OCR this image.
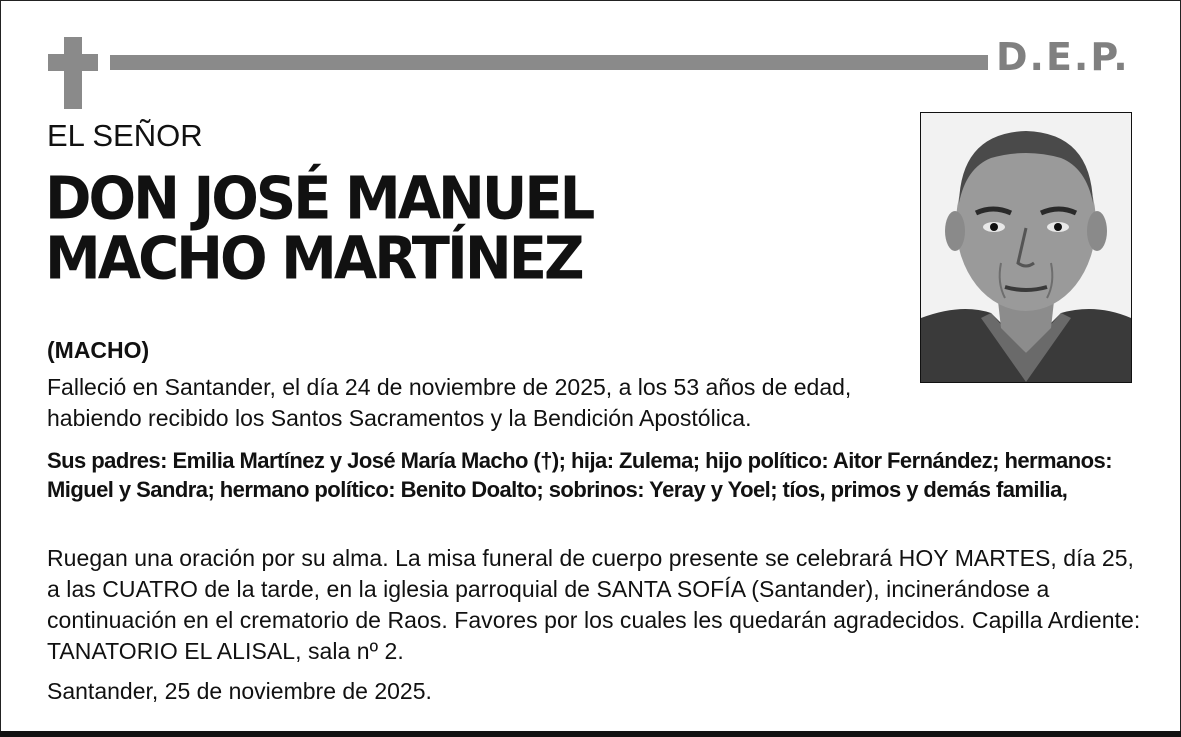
D.E.P.
EL SEÑOR
DON JOSÉ MANUEL
MACHO MARTÍNEZ
(MACHO)
Falleció en Santander, el día 24 de noviembre de 2025, a los 53 años de edad, habiendo recibido los Santos Sacramentos y la Bendición Apostólica.
Sus padres: Emilia Martínez y José María Macho (†); hija: Zulema; hijo político: Aitor Fernández; hermanos: Miguel y Sandra; hermano político: Benito Doalto; sobrinos: Yeray y Yoel; tíos, primos y demás familia,
Ruegan una oración por su alma. La misa funeral de cuerpo presente se celebrará HOY MARTES, día 25, a las CUATRO de la tarde, en la iglesia parroquial de SANTA SOFÍA (Santander), incinerándose a continuación en el crematorio de Raos. Favores por los cuales les quedarán agradecidos. Capilla Ardiente: TANATORIO EL ALISAL, sala nº 2.
Santander, 25 de noviembre de 2025.
